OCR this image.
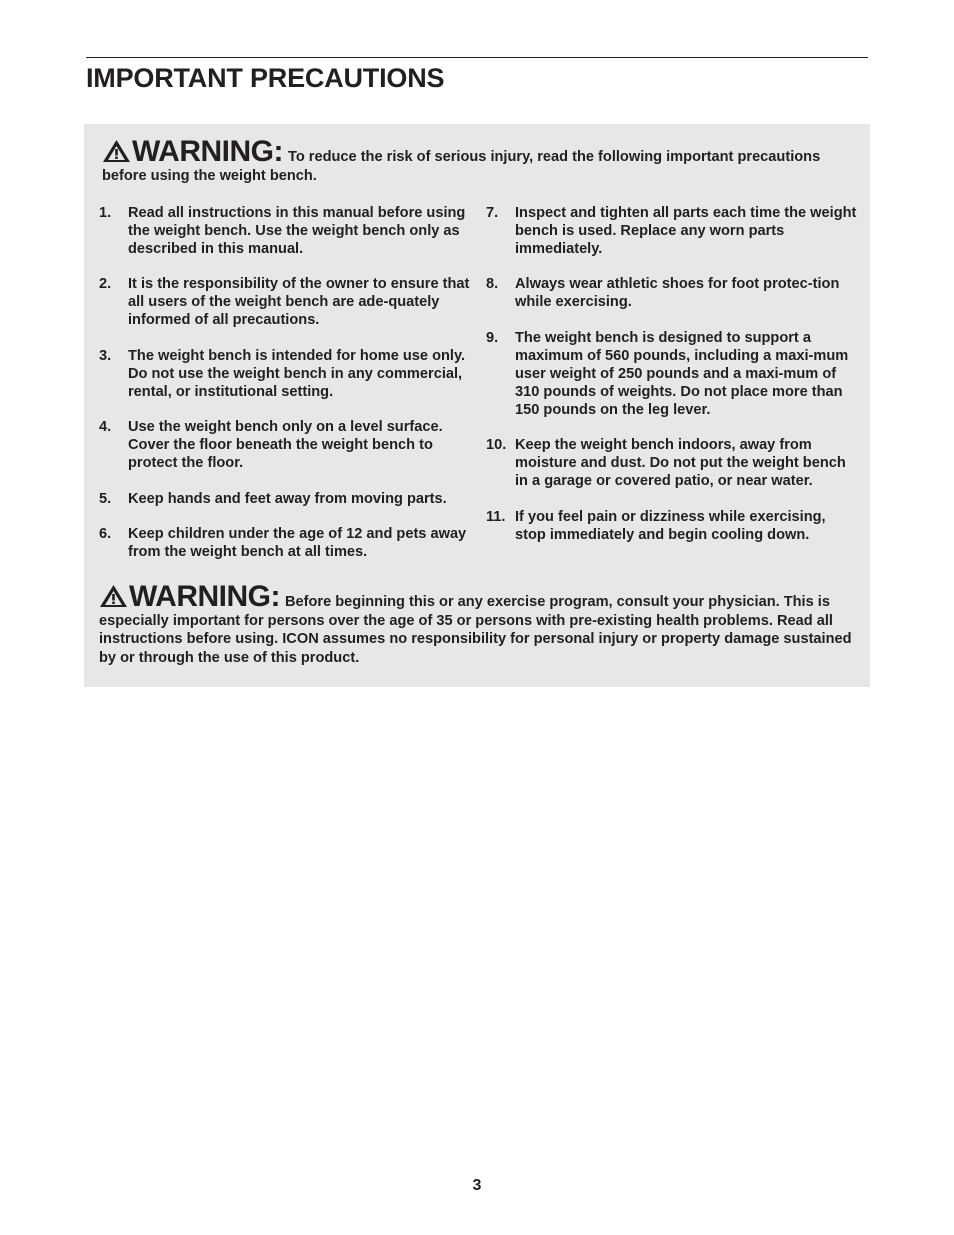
IMPORTANT PRECAUTIONS
WARNING: To reduce the risk of serious injury, read the following important precautions before using the weight bench.
1.	Read all instructions in this manual before using the weight bench. Use the weight bench only as described in this manual.
2.	It is the responsibility of the owner to ensure that all users of the weight bench are ade-quately informed of all precautions.
3.	The weight bench is intended for home use only. Do not use the weight bench in any commercial, rental, or institutional setting.
4.	Use the weight bench only on a level surface. Cover the floor beneath the weight bench to protect the floor.
5.	Keep hands and feet away from moving parts.
6.	Keep children under the age of 12 and pets away from the weight bench at all times.
7.	Inspect and tighten all parts each time the weight bench is used. Replace any worn parts immediately.
8.	Always wear athletic shoes for foot protec-tion while exercising.
9.	The weight bench is designed to support a maximum of 560 pounds, including a maxi-mum user weight of 250 pounds and a maxi-mum of 310 pounds of weights. Do not place more than 150 pounds on the leg lever.
10. Keep the weight bench indoors, away from moisture and dust. Do not put the weight bench in a garage or covered patio, or near water.
11. If you feel pain or dizziness while exercising, stop immediately and begin cooling down.
WARNING: Before beginning this or any exercise program, consult your physician. This is especially important for persons over the age of 35 or persons with pre-existing health problems. Read all instructions before using. ICON assumes no responsibility for personal injury or property damage sustained by or through the use of this product.
3
